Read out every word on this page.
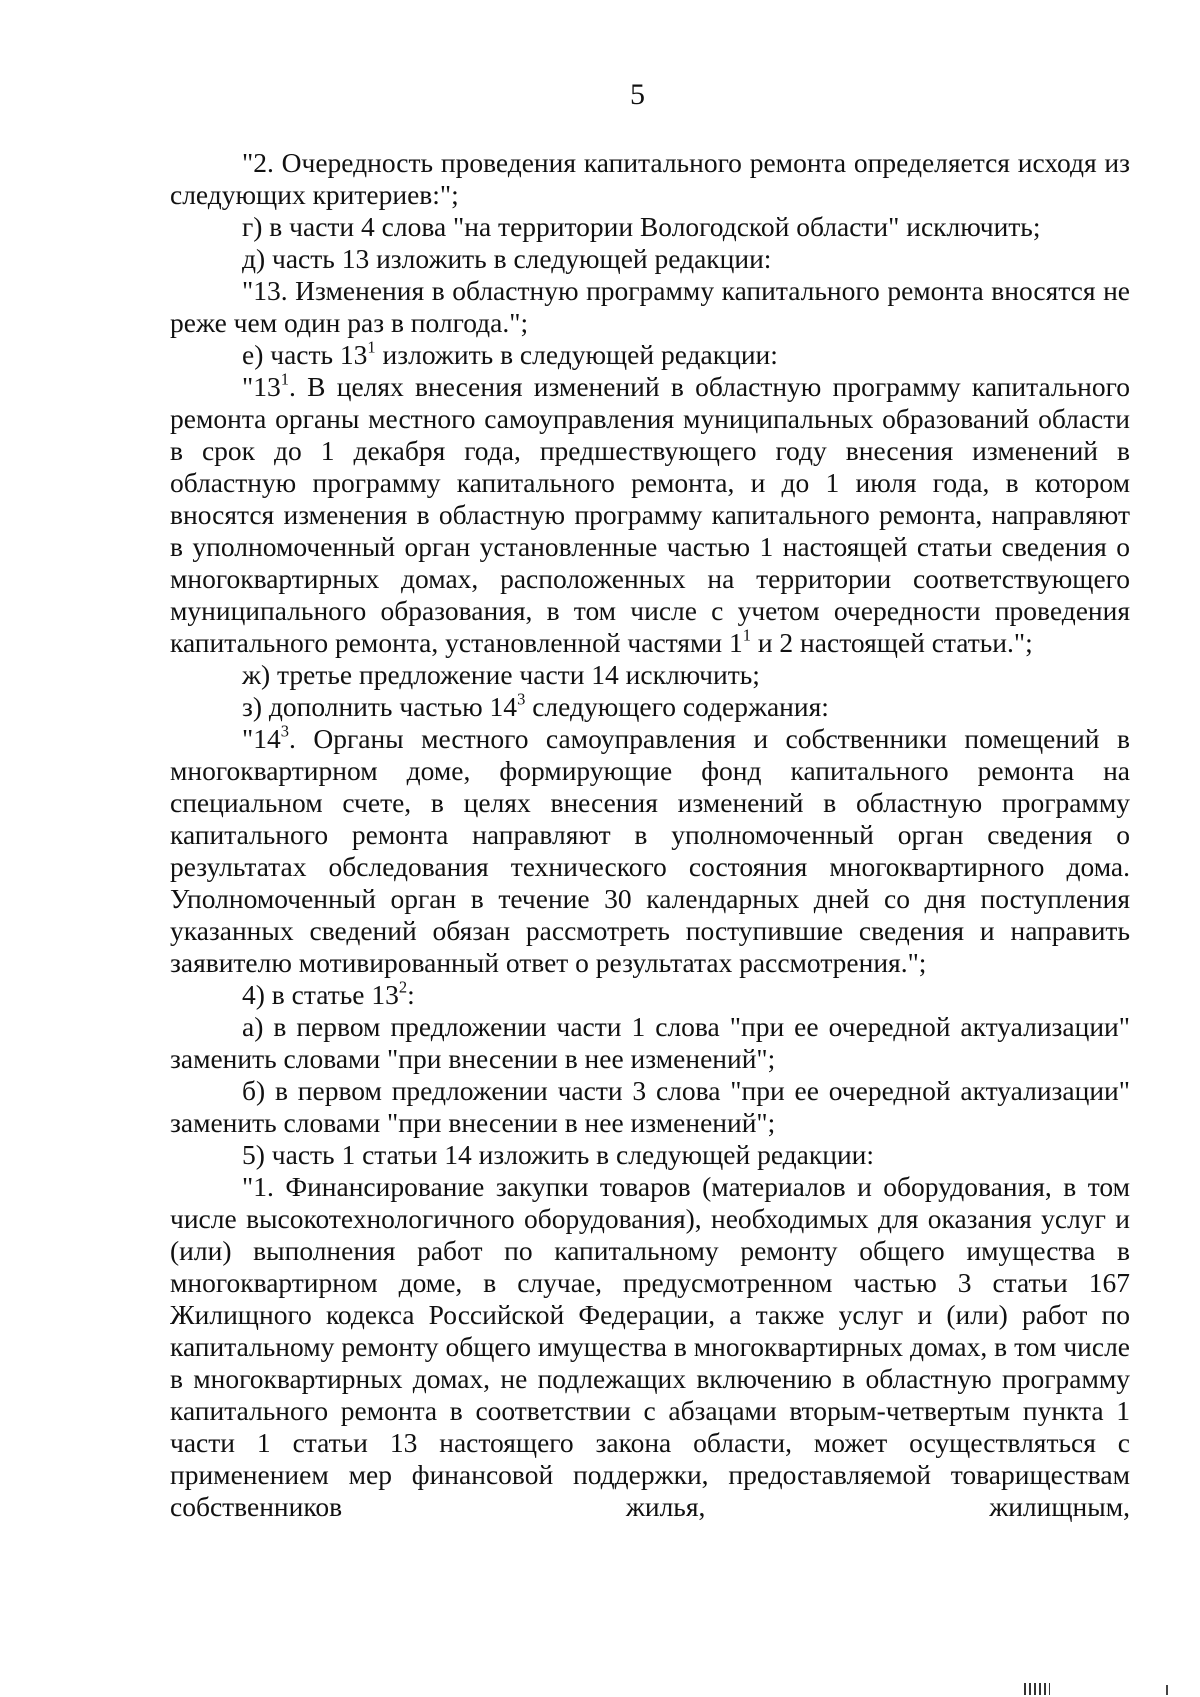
5

"2. Очередность проведения капитального ремонта определяется исходя из следующих критериев:";

г) в части 4 слова "на территории Вологодской области" исключить;

д) часть 13 изложить в следующей редакции:

"13. Изменения в областную программу капитального ремонта вносятся не реже чем один раз в полгода.";

е) часть $13^1$ изложить в следующей редакции:

"$13^1$. В целях внесения изменений в областную программу капитального ремонта органы местного самоуправления муниципальных образований области в срок до 1 декабря года, предшествующего году внесения изменений в областную программу капитального ремонта, и до 1 июля года, в котором вносятся изменения в областную программу капитального ремонта, направляют в уполномоченный орган установленные частью 1 настоящей статьи сведения о многоквартирных домах, расположенных на территории соответствующего муниципального образования, в том числе с учетом очередности проведения капитального ремонта, установленной частями $1^1$ и 2 настоящей статьи.";

ж) третье предложение части 14 исключить;

з) дополнить частью $14^3$ следующего содержания:

"$14^3$. Органы местного самоуправления и собственники помещений в многоквартирном доме, формирующие фонд капитального ремонта на специальном счете, в целях внесения изменений в областную программу капитального ремонта направляют в уполномоченный орган сведения о результатах обследования технического состояния многоквартирного дома. Уполномоченный орган в течение 30 календарных дней со дня поступления указанных сведений обязан рассмотреть поступившие сведения и направить заявителю мотивированный ответ о результатах рассмотрения.";

4) в статье $13^2$:

а) в первом предложении части 1 слова "при ее очередной актуализации" заменить словами "при внесении в нее изменений";

б) в первом предложении части 3 слова "при ее очередной актуализации" заменить словами "при внесении в нее изменений";

5) часть 1 статьи 14 изложить в следующей редакции:

"1. Финансирование закупки товаров (материалов и оборудования, в том числе высокотехнологичного оборудования), необходимых для оказания услуг и (или) выполнения работ по капитальному ремонту общего имущества в многоквартирном доме, в случае, предусмотренном частью 3 статьи 167 Жилищного кодекса Российской Федерации, а также услуг и (или) работ по капитальному ремонту общего имущества в многоквартирных домах, в том числе в многоквартирных домах, не подлежащих включению в областную программу капитального ремонта в соответствии с абзацами вторым-четвертым пункта 1 части 1 статьи 13 настоящего закона области, может осуществляться с применением мер финансовой поддержки, предоставляемой товариществам собственников жилья, жилищным,
